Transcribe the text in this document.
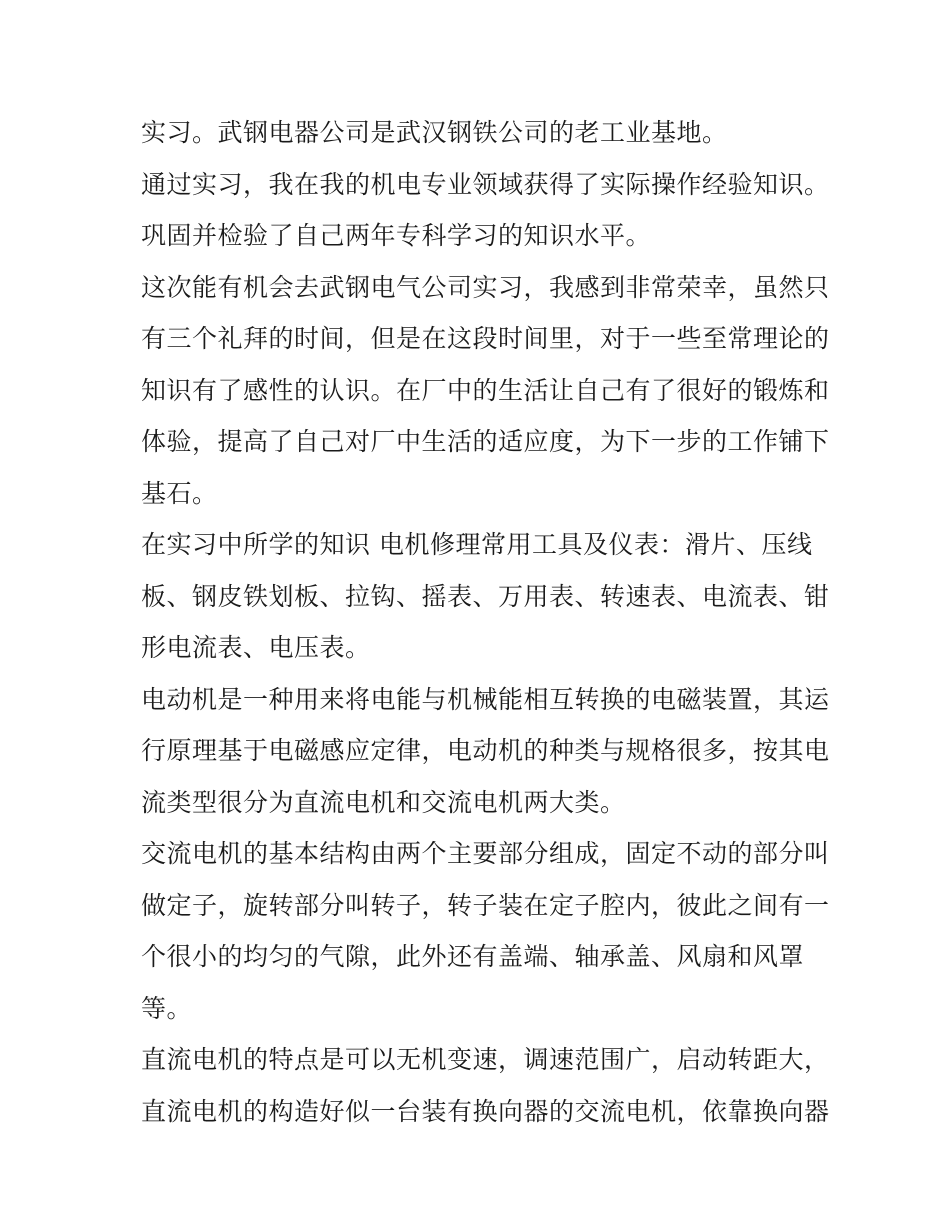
实习。武钢电器公司是武汉钢铁公司的老工业基地。
通过实习，我在我的机电专业领域获得了实际操作经验知识。
巩固并检验了自己两年专科学习的知识水平。
这次能有机会去武钢电气公司实习，我感到非常荣幸，虽然只
有三个礼拜的时间，但是在这段时间里，对于一些至常理论的
知识有了感性的认识。在厂中的生活让自己有了很好的锻炼和
体验，提高了自己对厂中生活的适应度，为下一步的工作铺下
基石。
在实习中所学的知识 电机修理常用工具及仪表：滑片、压线
板、钢皮铁划板、拉钩、摇表、万用表、转速表、电流表、钳
形电流表、电压表。
电动机是一种用来将电能与机械能相互转换的电磁装置，其运
行原理基于电磁感应定律，电动机的种类与规格很多，按其电
流类型很分为直流电机和交流电机两大类。
交流电机的基本结构由两个主要部分组成，固定不动的部分叫
做定子，旋转部分叫转子，转子装在定子腔内，彼此之间有一
个很小的均匀的气隙，此外还有盖端、轴承盖、风扇和风罩
等。
直流电机的特点是可以无机变速，调速范围广，启动转距大，
直流电机的构造好似一台装有换向器的交流电机，依靠换向器
